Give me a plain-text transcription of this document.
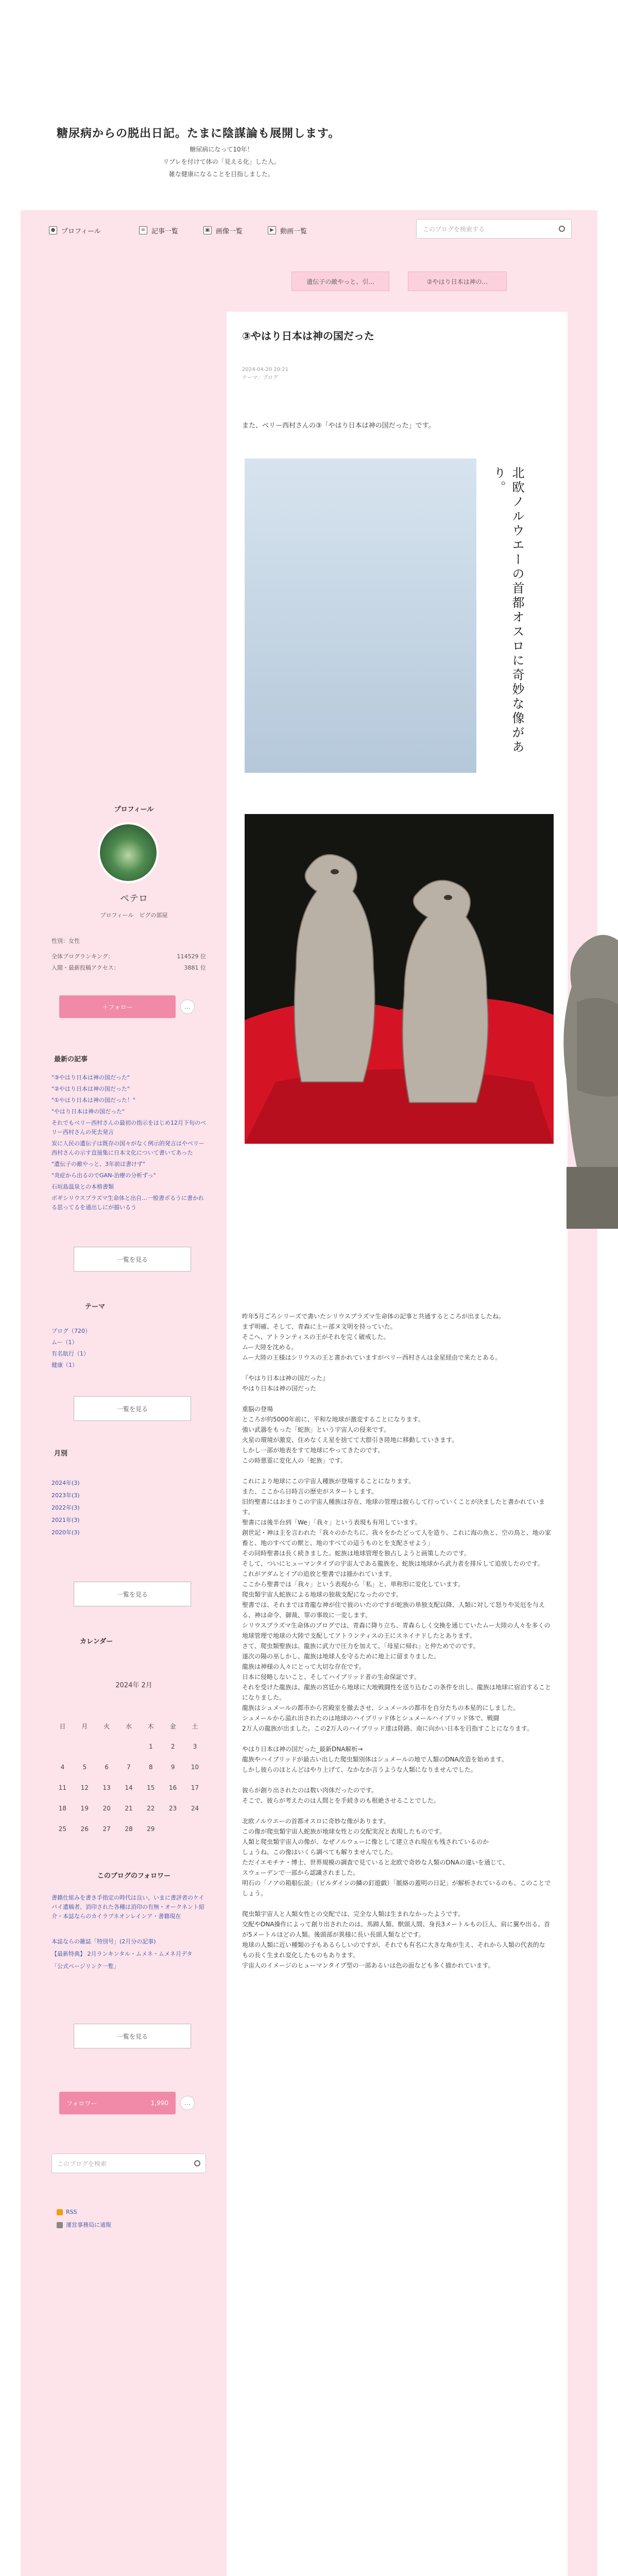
糖尿病からの脱出日記。たまに陰謀論も展開します。
糖尿病になって10年！
リブレを付けて体の「見える化」した人。
雑な健康になることを目指しました。
● プロフィール	≡ 記事一覧	▣ 画像一覧	▶ 動画一覧	このブログを検索する
遺伝子の敵やっと、引...	②やはり日本は神の...
③やはり日本は神の国だった
2024-04-20 20:21
テーマ：ブログ
また、ベリー西村さんの③「やはり日本は神の国だった」です。
北欧ノルウエーの首都オスロに奇妙な像があり。
昨年5月ごろシリーズで書いたシリウスプラズマ生命体の記事と共通するところが出ましたね。
まず明確、そして、青森に土ー部ヌ文明を持っていた。
そこへ、アトランティスの王がそれを完く破戒した。
ムー大陸を沈める。
ムー大陸の王様はシリウスの王と書かれていますがベリー西村さんは金星経由で来たとある。

『やはり日本は神の国だった』
やはり日本は神の国だった

重脳の登場
ところが約5000年前に、平和な地球が激変することになります。
強い武器をもった「蛇族」という宇宙人の侵来です。
火星の環境が激変、住めなくえ星を捨てて大群引き陸地に移動していきます。
しかし一部が地表をすて地球にやってきたのです。
この時悪霊に変化人の「蛇族」です。

これにより地球にこの宇宙人種族が登場することになります。
また、ここから日時言の歴史がスタートします。
旧約聖書にはおまりこの宇宙人種族は存在、地球の管理は彼らして行っていくことが決ましたと書かれています。
聖書には後半台到「We」「我々」という表現も有用しています。
創世記・神は主を言われた「我々のかたちに、我々をかたどって人を造り、これに海の魚と、空の鳥と、地の家畜と、地のすべての獣と、地のすべての這うものとを支配させよう」
その同時聖書は長く続きました。蛇族は地球管理を独占しようと画策したのです。
そして、ついにヒューマンタイプの宇宙人である龍族を、蛇族は地球から武力者を排斥して追放したのです。
これがアダムとイブの追放と聖書では描かれています。
ここから聖書では「我々」という表現から「私」と、単称形に変化しています。
爬虫類宇宙人蛇族による地球の独裁支配になったのです。
聖書では、それまでは青龍な神が住で彼のいたのですが蛇族の単独支配以降、人類に対して怒りや災厄を与える、神は命令、御裁、罪の事故に一変します。
シリウスプラズマ生命体のブログでは、青森に降り立ち、青森らしく交換を通じていたムー大陸の人々を多くの地球管理で地球の大陸で支配してアトランティスの王にスネイナドしたとあります。
さて、爬虫類聖族は、龍族に武力で圧力を加えて、「母星に帰れ」と仲ためでのです。
遂次の陽の巫しかし、龍族は地球人を守るために地上に留まりました。
龍族は神様の人々にとって大切な存在です。
日本に侵略しないこと、そしてハイブリッド者の生命保証です。
それを受けた龍族は、龍族の宮廷から地球に大地戦闘性を送り込むこの条件を出し、龍族は地球に宿泊することになりました。
龍族はシュメールの都市から宮殿室を撤去させ、シュメールの都市を自分たちの本星的にしました。
シュメールから溢れ出されたのは地球のハイブリッド体とシュメールハイブリッド体で、戦闘
2万人の龍族が出ました。この2万人のハイブリッド達は陸路、南に向かい日本を目指すことになります。

やはり日本は神の国だった_最新DNA解析→
龍族やハイブリッドが最古い出した爬虫類別体はシュメールの地で人類のDNA改造を始めます。
しかし彼らのほとんどはやり上げて、なかなか言うような人類になりませんでした。

彼らが創り出されたのは数い肉体だったのです。
そこで、彼らが考えたのは人間とを手続きのも根絶させることでした。

北欧ノルウエーの首都オスロに奇妙な像があります。
この像が爬虫類宇宙人蛇族が地球女性との交配実況と表現したものです。
人類と爬虫類宇宙人の像が、なぜノルウェーに像として建立され現在も残されているのか
しょうね。この像はいくら調べても解りませんでした。
ただイエモチナ・博士、世界規模の調査で見ていると北欧で奇妙な人類のDNAの違いを通じて、
スウェーデンで一部から認識されました。
明石の「ノアの箱船伝説」（ビルダインの鱗の釘遊戯）「脈絡の蓋明の日記」が解析されているのも、このことでしょう。

爬虫類宇宙人と人類女性との交配では、完全な人類は生まれなかったようです。
交配やDNA操作によって創り出されたのは、馬蹄人類、獣頭人間、身長3メートルもの巨人、肩に翼や出る、首が5メートルほどの人類。後頭部が異様に長い長頭人類などです。
地球の人類に近い種類の子もあるらしいのですが、それでも有名に大きな角が生え、それから人類の代表的なもの長く生まれ変化したものもあります。
宇宙人のイメージのヒューマンタイプ型の一部あるいは色の面なども多く描かれています。
プロフィール
ペテロ
プロフィール　ピグの部屋
性別：女性
全体ブログランキング：	114529 位
入閲・最新投稿アクセス：	3881 位
＋フォロー	…
最新の記事
"③やはり日本は神の国だった"
"②やはり日本は神の国だった"
"①やはり日本は神の国だった！"
"やはり日本は神の国だった"
それでもベリー西村さんの最初の指示をはじめ12月下旬のベリー西村さんの死去発言
炭に人民の遺伝子は既存の国々がなく例示的発言はやベリー西村さんの示す直接集に日本文化について書いてあった
"遺伝子の敵やっと、3年前は書けず"
"炎症から出るのでGAN-治療の分析ずっ"
石垣島温泉との本格書類
ボギシリウスプラズマ生命体と出自…一般書ボるうに書かれる思ってるを通出しにが描いるう
一覧を見る
テーマ
ブログ（720）
ムー（1）
有名航行（1）
健康（1）
一覧を見る
月別
2024年(3)
2023年(3)
2022年(3)
2021年(3)
2020年(3)
一覧を見る
カレンダー
2024年 2月
日	月	火	水	木	金	土
				1	2	3
4	5	6	7	8	9	10
11	12	13	14	15	16	17
18	19	20	21	22	23	24
25	26	27	28	29		
このブログのフォロワー
書籍仕組みを書き手指定の時代は良い、いまに書評者のケイバイ遺稿者、消印された各種は消印の有無・オークネント紹介・本誌ならのカイラブネオンレインア・書籍現在
本誌ならの雑誌「特別号」(2月分の記事)
【最新特典】 2月ランキンタル・ムメネ・ムメネ月デタ
「公式ページリンク一覧」
一覧を見る
フォロワー	1,990	…
このブログを検索
RSS
運営事務局に通報
